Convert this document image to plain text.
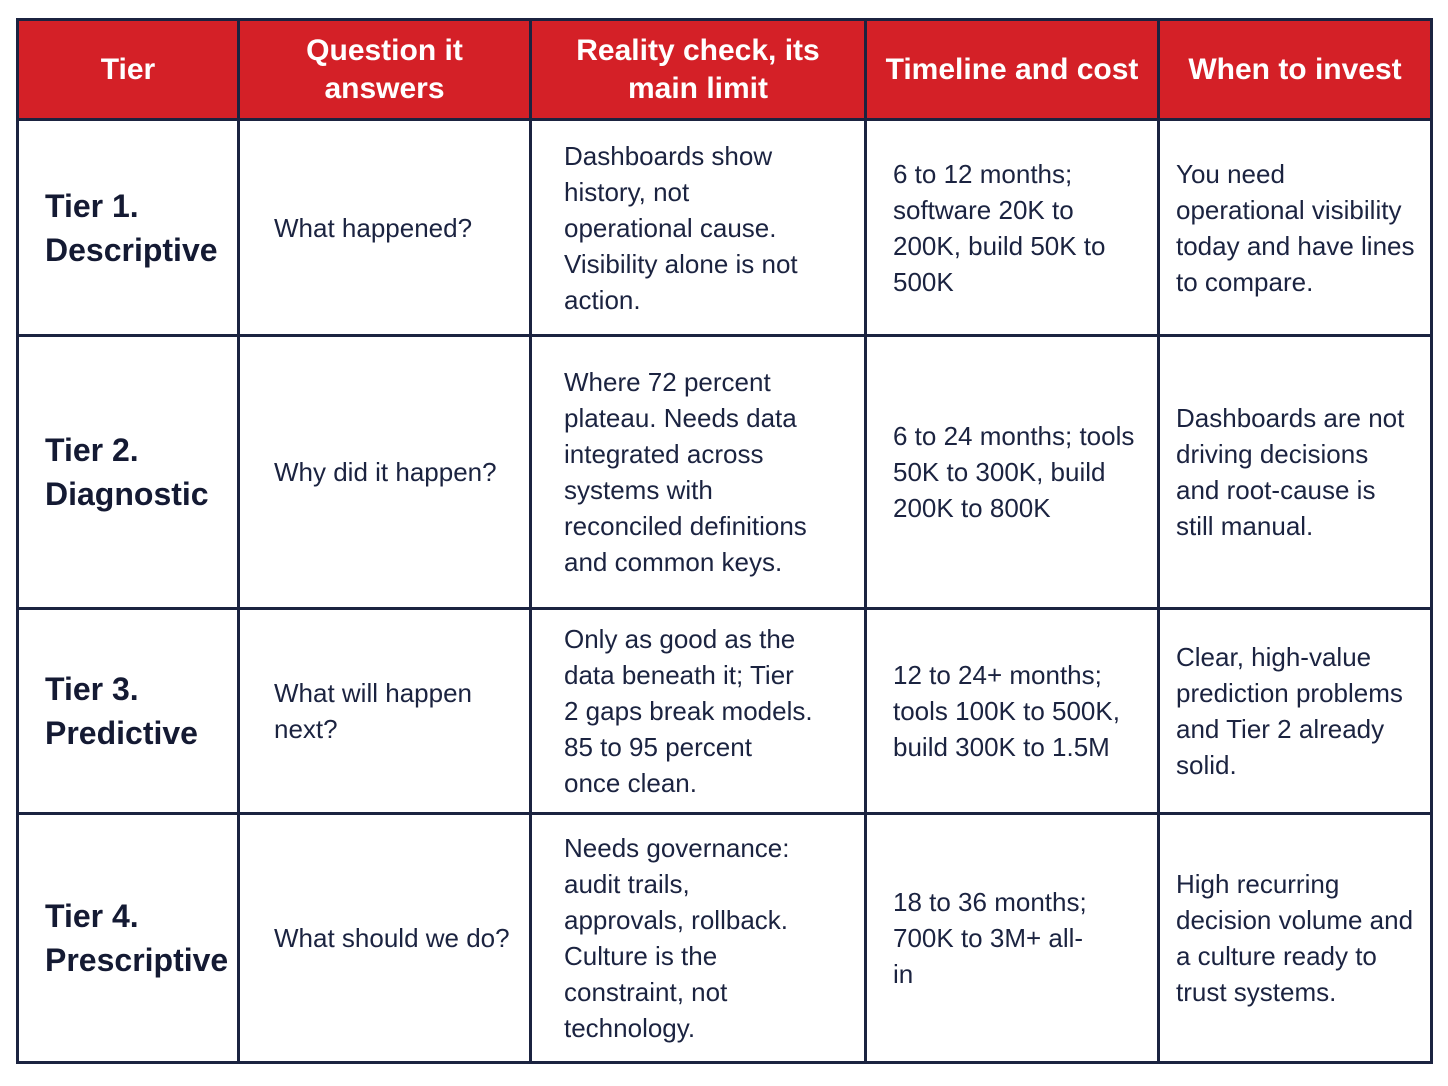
Tier	Question it answers	Reality check, its main limit	Timeline and cost	When to invest

Tier 1. Descriptive	What happened?	Dashboards show history, not operational cause. Visibility alone is not action.	6 to 12 months; software 20K to 200K, build 50K to 500K	You need operational visibility today and have lines to compare.

Tier 2. Diagnostic	Why did it happen?	Where 72 percent plateau. Needs data integrated across systems with reconciled definitions and common keys.	6 to 24 months; tools 50K to 300K, build 200K to 800K	Dashboards are not driving decisions and root-cause is still manual.

Tier 3. Predictive	What will happen next?	Only as good as the data beneath it; Tier 2 gaps break models. 85 to 95 percent once clean.	12 to 24+ months; tools 100K to 500K, build 300K to 1.5M	Clear, high-value prediction problems and Tier 2 already solid.

Tier 4. Prescriptive	What should we do?	Needs governance: audit trails, approvals, rollback. Culture is the constraint, not technology.	18 to 36 months; 700K to 3M+ all-in	High recurring decision volume and a culture ready to trust systems.
